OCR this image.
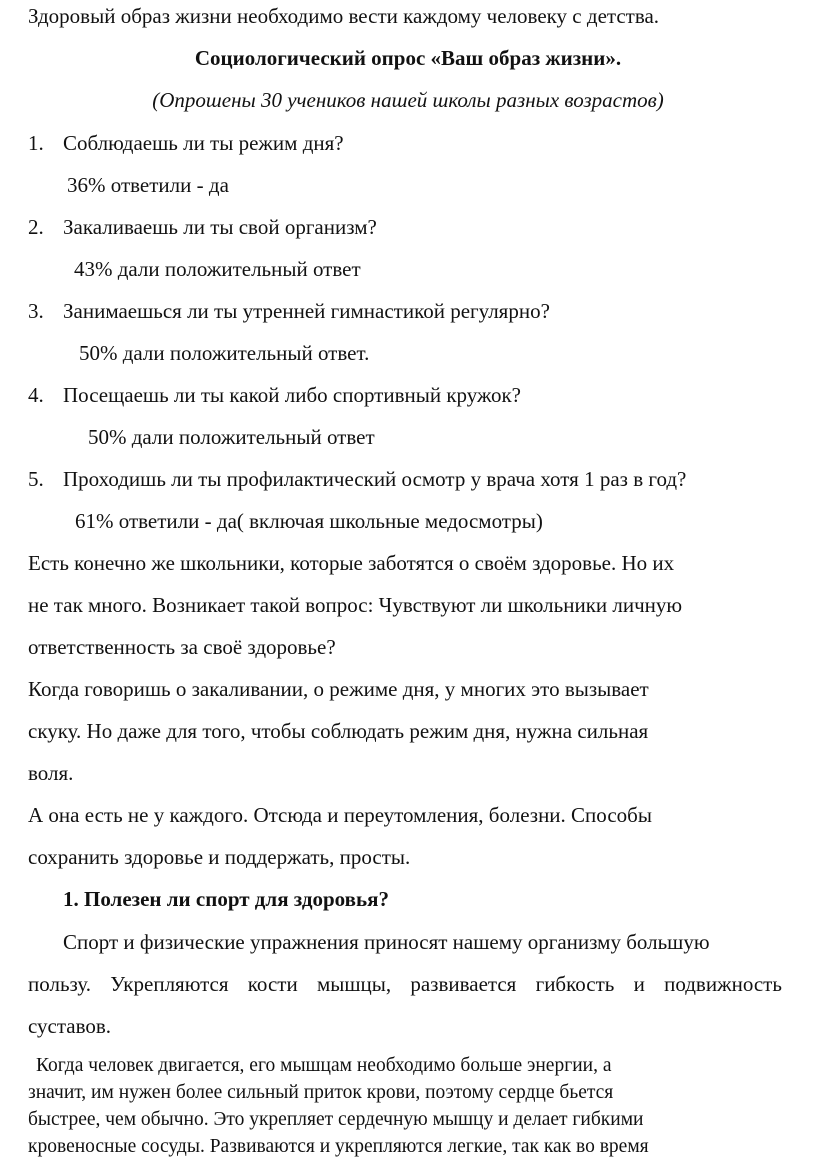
Здоровый образ жизни необходимо вести каждому человеку с детства.
Социологический опрос «Ваш образ жизни».
(Опрошены 30 учеников нашей школы разных возрастов)
1. Соблюдаешь ли ты режим дня?
36% ответили - да
2. Закаливаешь ли ты свой организм?
43% дали положительный ответ
3. Занимаешься ли ты утренней гимнастикой регулярно?
50% дали положительный ответ.
4. Посещаешь ли ты какой либо спортивный кружок?
50% дали положительный ответ
5. Проходишь ли ты профилактический осмотр у врача хотя 1 раз в год?
61% ответили - да( включая школьные медосмотры)
Есть конечно же школьники, которые заботятся о своём здоровье. Но их
не так много. Возникает такой вопрос: Чувствуют ли школьники личную
ответственность за своё здоровье?
Когда говоришь о закаливании, о режиме дня, у многих это вызывает
скуку. Но даже для того, чтобы соблюдать режим дня, нужна сильная
воля.
А она есть не у каждого. Отсюда и переутомления, болезни. Способы
сохранить здоровье и поддержать, просты.
1. Полезен ли спорт для здоровья?
Спорт и физические упражнения приносят нашему организму большую
пользу. Укрепляются кости мышцы, развивается гибкость и подвижность
суставов.
Когда человек двигается, его мышцам необходимо больше энергии, а
значит, им нужен более сильный приток крови, поэтому сердце бьется
быстрее, чем обычно. Это укрепляет сердечную мышцу и делает гибкими
кровеносные сосуды. Развиваются и укрепляются легкие, так как во время
